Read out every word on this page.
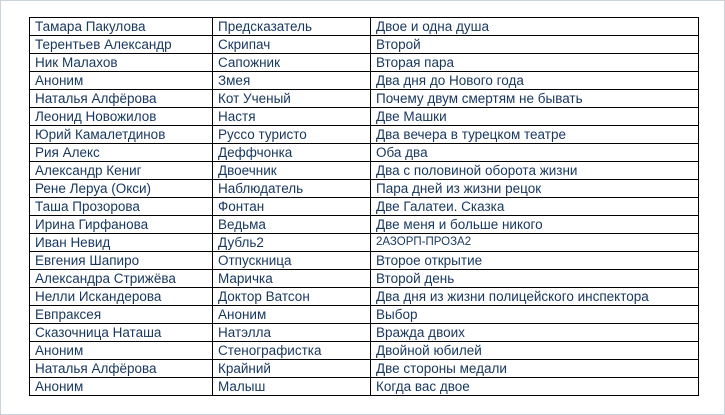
Тамара Пакулова	Предсказатель	Двое и одна душа
Терентьев Александр	Скрипач	Второй
Ник Малахов	Сапожник	Вторая пара
Аноним	Змея	Два дня до Нового года
Наталья Алфёрова	Кот Ученый	Почему двум смертям не бывать
Леонид Новожилов	Настя	Две Машки
Юрий Камалетдинов	Руссо туристо	Два вечера в турецком театре
Рия Алекс	Деффчонка	Оба два
Александр Кениг	Двоечник	Два с половиной оборота жизни
Рене Леруа (Окси)	Наблюдатель	Пара дней из жизни рецок
Таша Прозорова	Фонтан	Две Галатеи. Сказка
Ирина Гирфанова	Ведьма	Две меня и больше никого
Иван Невид	Дубль2	2АЗОРП-ПРОЗА2
Евгения Шапиро	Отпускница	Второе открытие
Александра Стрижёва	Маричка	Второй день
Нелли Искандерова	Доктор Ватсон	Два дня из жизни полицейского инспектора
Евпраксея	Аноним	Выбор
Сказочница Наташа	Натэлла	Вражда двоих
Аноним	Стенографистка	Двойной юбилей
Наталья Алфёрова	Крайний	Две стороны медали
Аноним	Малыш	Когда вас двое
